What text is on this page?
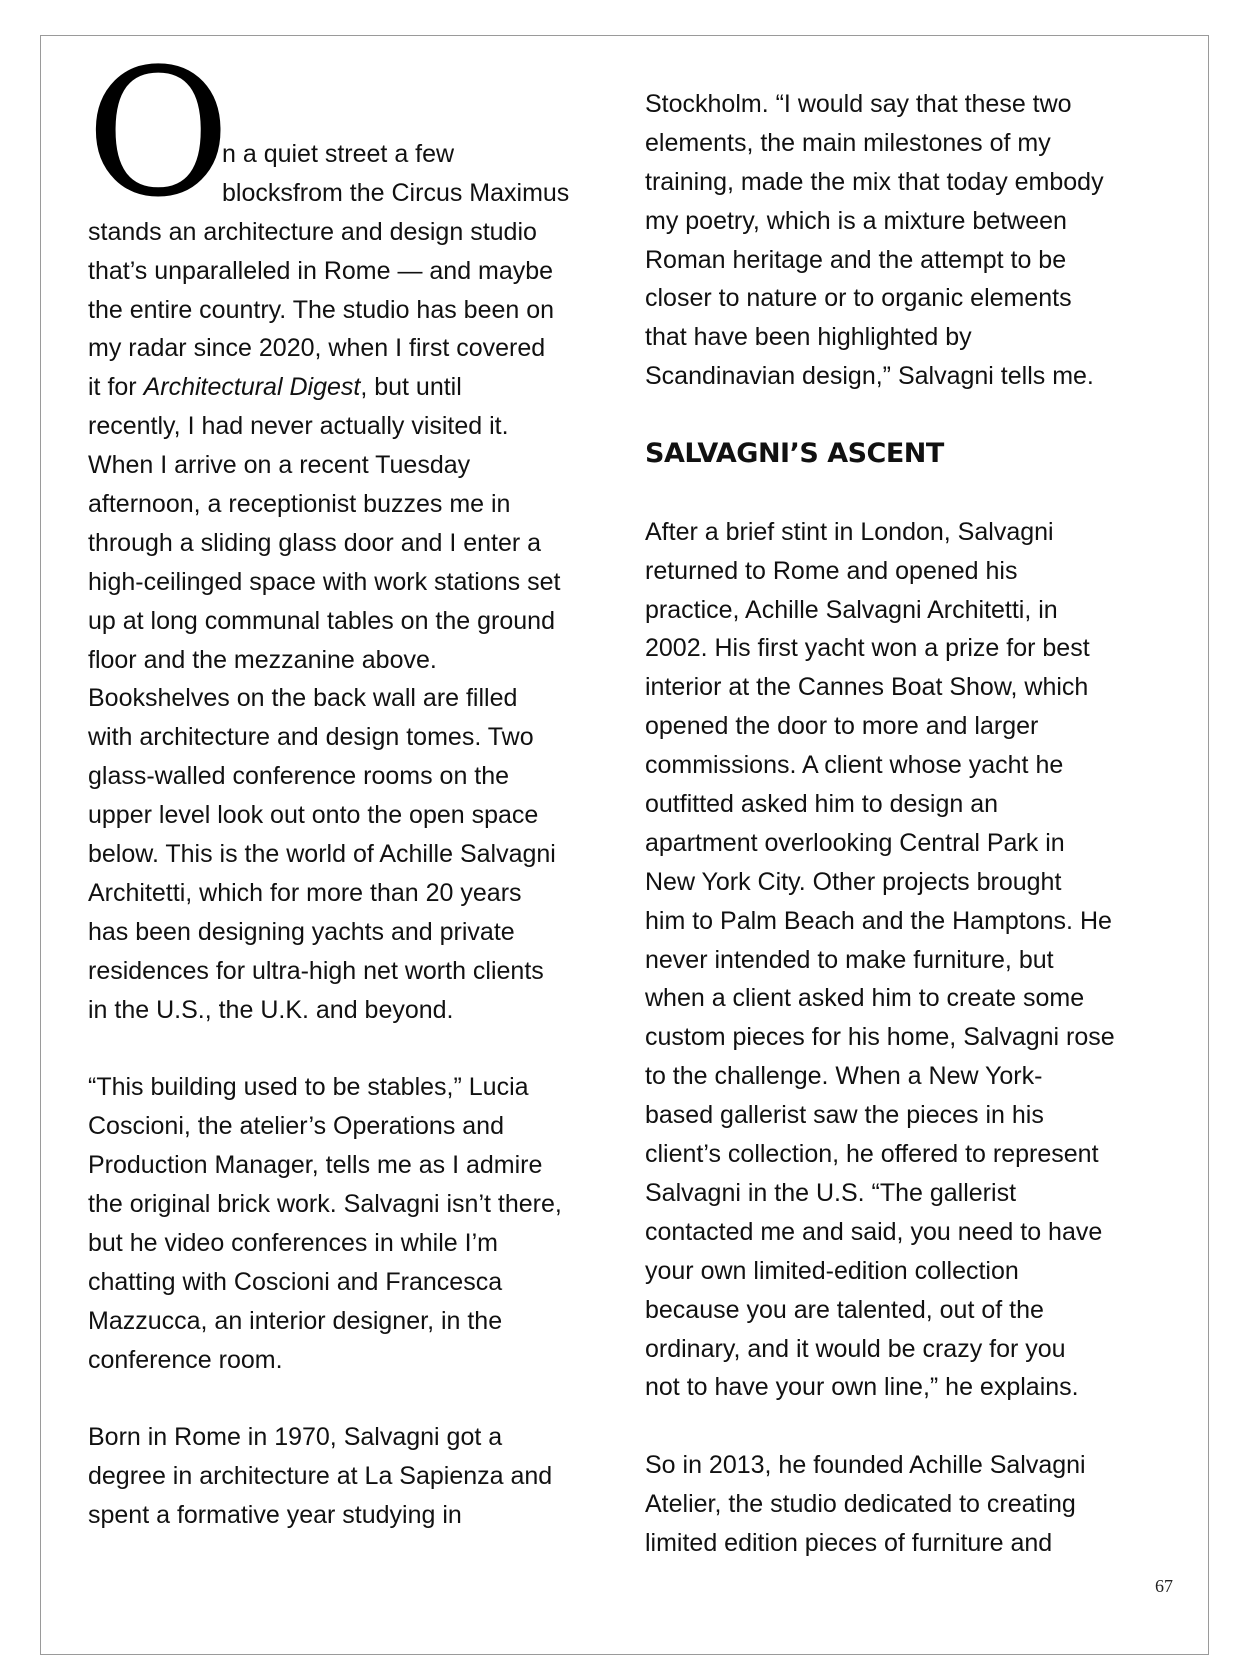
O
n a quiet street a few
blocksfrom the Circus Maximus
stands an architecture and design studio
that’s unparalleled in Rome — and maybe
the entire country. The studio has been on
my radar since 2020, when I first covered
it for Architectural Digest, but until
recently, I had never actually visited it.
When I arrive on a recent Tuesday
afternoon, a receptionist buzzes me in
through a sliding glass door and I enter a
high-ceilinged space with work stations set
up at long communal tables on the ground
floor and the mezzanine above.
Bookshelves on the back wall are filled
with architecture and design tomes. Two
glass-walled conference rooms on the
upper level look out onto the open space
below. This is the world of Achille Salvagni
Architetti, which for more than 20 years
has been designing yachts and private
residences for ultra-high net worth clients
in the U.S., the U.K. and beyond.
“This building used to be stables,” Lucia
Coscioni, the atelier’s Operations and
Production Manager, tells me as I admire
the original brick work. Salvagni isn’t there,
but he video conferences in while I’m
chatting with Coscioni and Francesca
Mazzucca, an interior designer, in the
conference room.
Born in Rome in 1970, Salvagni got a
degree in architecture at La Sapienza and
spent a formative year studying in
Stockholm. “I would say that these two
elements, the main milestones of my
training, made the mix that today embody
my poetry, which is a mixture between
Roman heritage and the attempt to be
closer to nature or to organic elements
that have been highlighted by
Scandinavian design,” Salvagni tells me.
SALVAGNI’S ASCENT
After a brief stint in London, Salvagni
returned to Rome and opened his
practice, Achille Salvagni Architetti, in
2002. His first yacht won a prize for best
interior at the Cannes Boat Show, which
opened the door to more and larger
commissions. A client whose yacht he
outfitted asked him to design an
apartment overlooking Central Park in
New York City. Other projects brought
him to Palm Beach and the Hamptons. He
never intended to make furniture, but
when a client asked him to create some
custom pieces for his home, Salvagni rose
to the challenge. When a New York-
based gallerist saw the pieces in his
client’s collection, he offered to represent
Salvagni in the U.S. “The gallerist
contacted me and said, you need to have
your own limited-edition collection
because you are talented, out of the
ordinary, and it would be crazy for you
not to have your own line,” he explains.
So in 2013, he founded Achille Salvagni
Atelier, the studio dedicated to creating
limited edition pieces of furniture and
67
